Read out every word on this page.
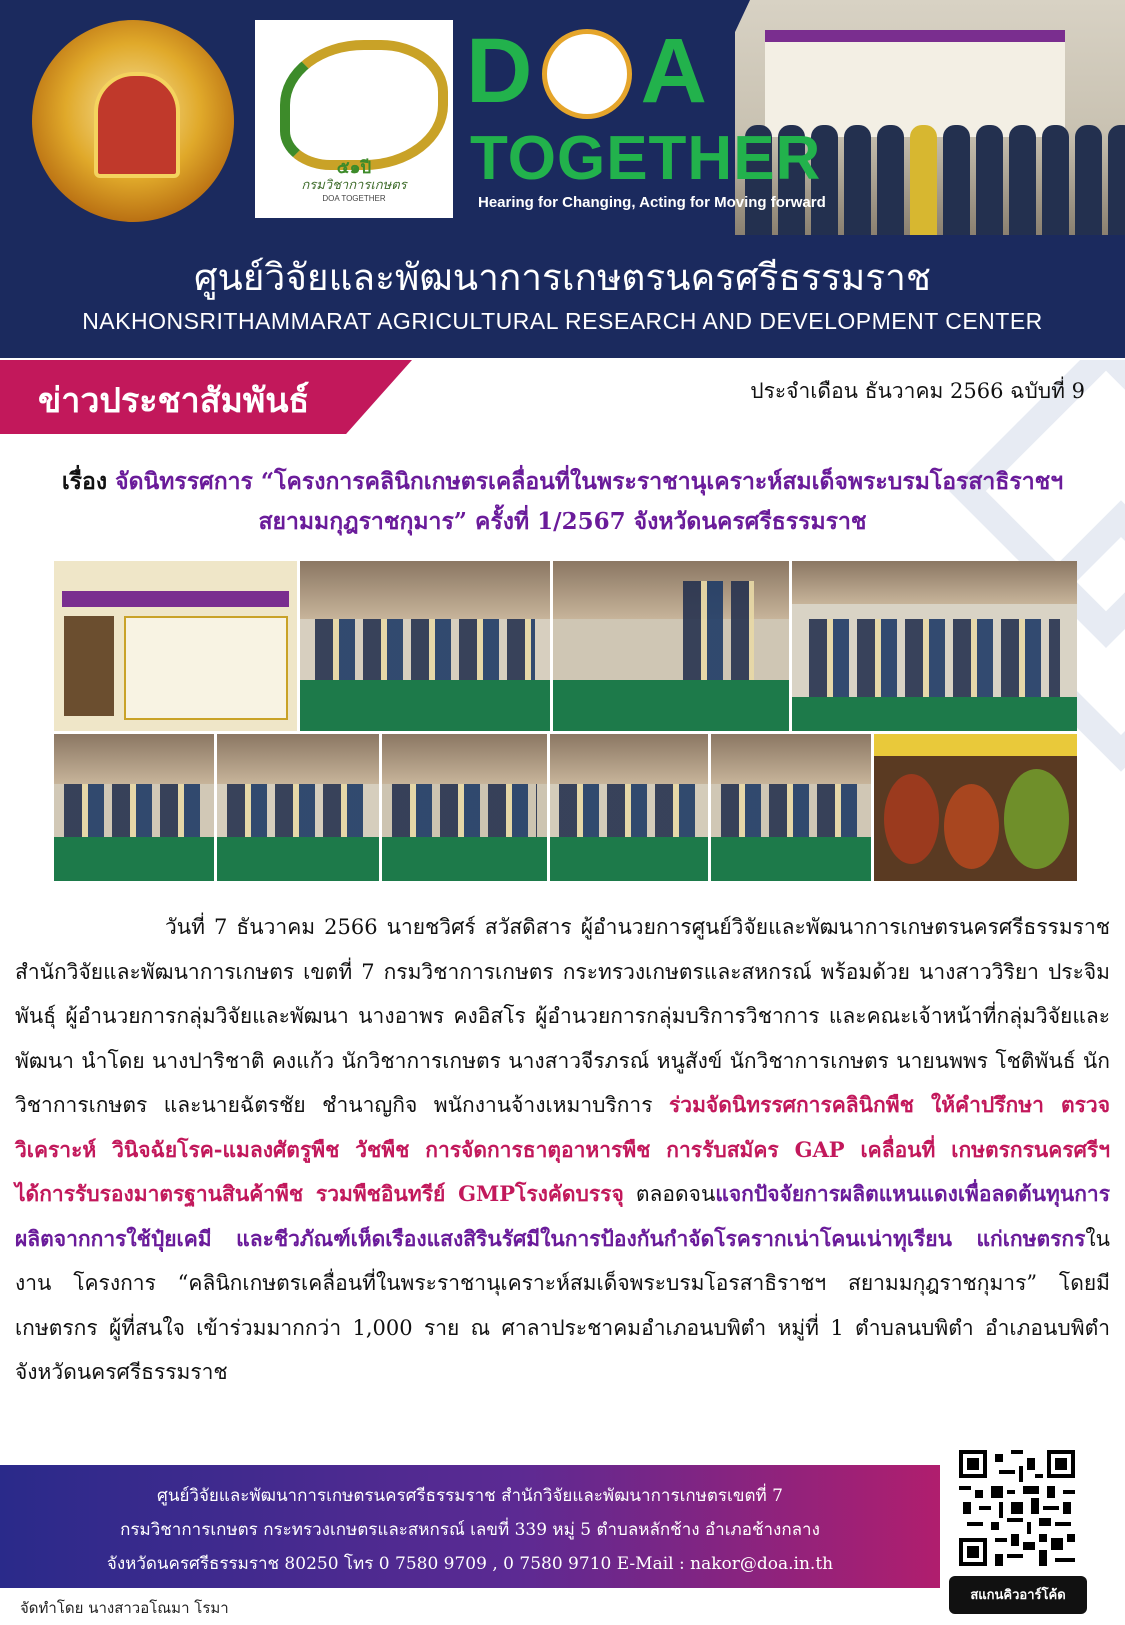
๕๑ปี
กรมวิชาการเกษตร
DOA TOGETHER
D A
TOGETHER
Hearing for Changing, Acting for Moving forward
ศูนย์วิจัยและพัฒนาการเกษตรนครศรีธรรมราช
NAKHONSRITHAMMARAT AGRICULTURAL RESEARCH AND DEVELOPMENT CENTER
ข่าวประชาสัมพันธ์	ประจำเดือน ธันวาคม 2566 ฉบับที่ 9
เรื่อง จัดนิทรรศการ “โครงการคลินิกเกษตรเคลื่อนที่ในพระราชานุเคราะห์สมเด็จพระบรมโอรสาธิราชฯ
สยามมกุฎราชกุมาร” ครั้งที่ 1/2567 จังหวัดนครศรีธรรมราช

วันที่ 7 ธันวาคม 2566 นายชวิศร์ สวัสดิสาร ผู้อำนวยการศูนย์วิจัยและพัฒนาการเกษตรนครศรีธรรมราช สำนักวิจัยและพัฒนาการเกษตร เขตที่ 7 กรมวิชาการเกษตร กระทรวงเกษตรและสหกรณ์ พร้อมด้วย นางสาววิริยา ประจิมพันธุ์ ผู้อำนวยการกลุ่มวิจัยและพัฒนา นางอาพร คงอิสโร ผู้อำนวยการกลุ่มบริการวิชาการ และคณะเจ้าหน้าที่กลุ่มวิจัยและพัฒนา นำโดย นางปาริชาติ คงแก้ว นักวิชาการเกษตร นางสาวจีรภรณ์ หนูสังข์ นักวิชาการเกษตร นายนพพร โชติพันธ์ นักวิชาการเกษตร และนายฉัตรชัย ชำนาญกิจ พนักงานจ้างเหมาบริการ ร่วมจัดนิทรรศการคลินิกพืช ให้คำปรึกษา ตรวจวิเคราะห์ วินิจฉัยโรค-แมลงศัตรูพืช วัชพืช การจัดการธาตุอาหารพืช การรับสมัคร GAP เคลื่อนที่ เกษตรกรนครศรีฯ ได้การรับรองมาตรฐานสินค้าพืช รวมพืชอินทรีย์ GMPโรงคัดบรรจุ ตลอดจนแจกปัจจัยการผลิตแหนแดงเพื่อลดต้นทุนการผลิตจากการใช้ปุ๋ยเคมี และชีวภัณฑ์เห็ดเรืองแสงสิรินรัศมีในการป้องกันกำจัดโรครากเน่าโคนเน่าทุเรียน แก่เกษตรกรในงาน โครงการ “คลินิกเกษตรเคลื่อนที่ในพระราชานุเคราะห์สมเด็จพระบรมโอรสาธิราชฯ สยามมกุฎราชกุมาร” โดยมีเกษตรกร ผู้ที่สนใจ เข้าร่วมมากกว่า 1,000 ราย ณ ศาลาประชาคมอำเภอนบพิตำ หมู่ที่ 1 ตำบลนบพิตำ อำเภอนบพิตำจังหวัดนครศรีธรรมราช

ศูนย์วิจัยและพัฒนาการเกษตรนครศรีธรรมราช สำนักวิจัยและพัฒนาการเกษตรเขตที่ 7
กรมวิชาการเกษตร กระทรวงเกษตรและสหกรณ์ เลขที่ 339 หมู่ 5 ตำบลหลักช้าง อำเภอช้างกลาง
จังหวัดนครศรีธรรมราช 80250 โทร 0 7580 9709 , 0 7580 9710 E-Mail : nakor@doa.in.th
สแกนคิวอาร์โค้ด
จัดทำโดย นางสาวอโณมา โรมา
